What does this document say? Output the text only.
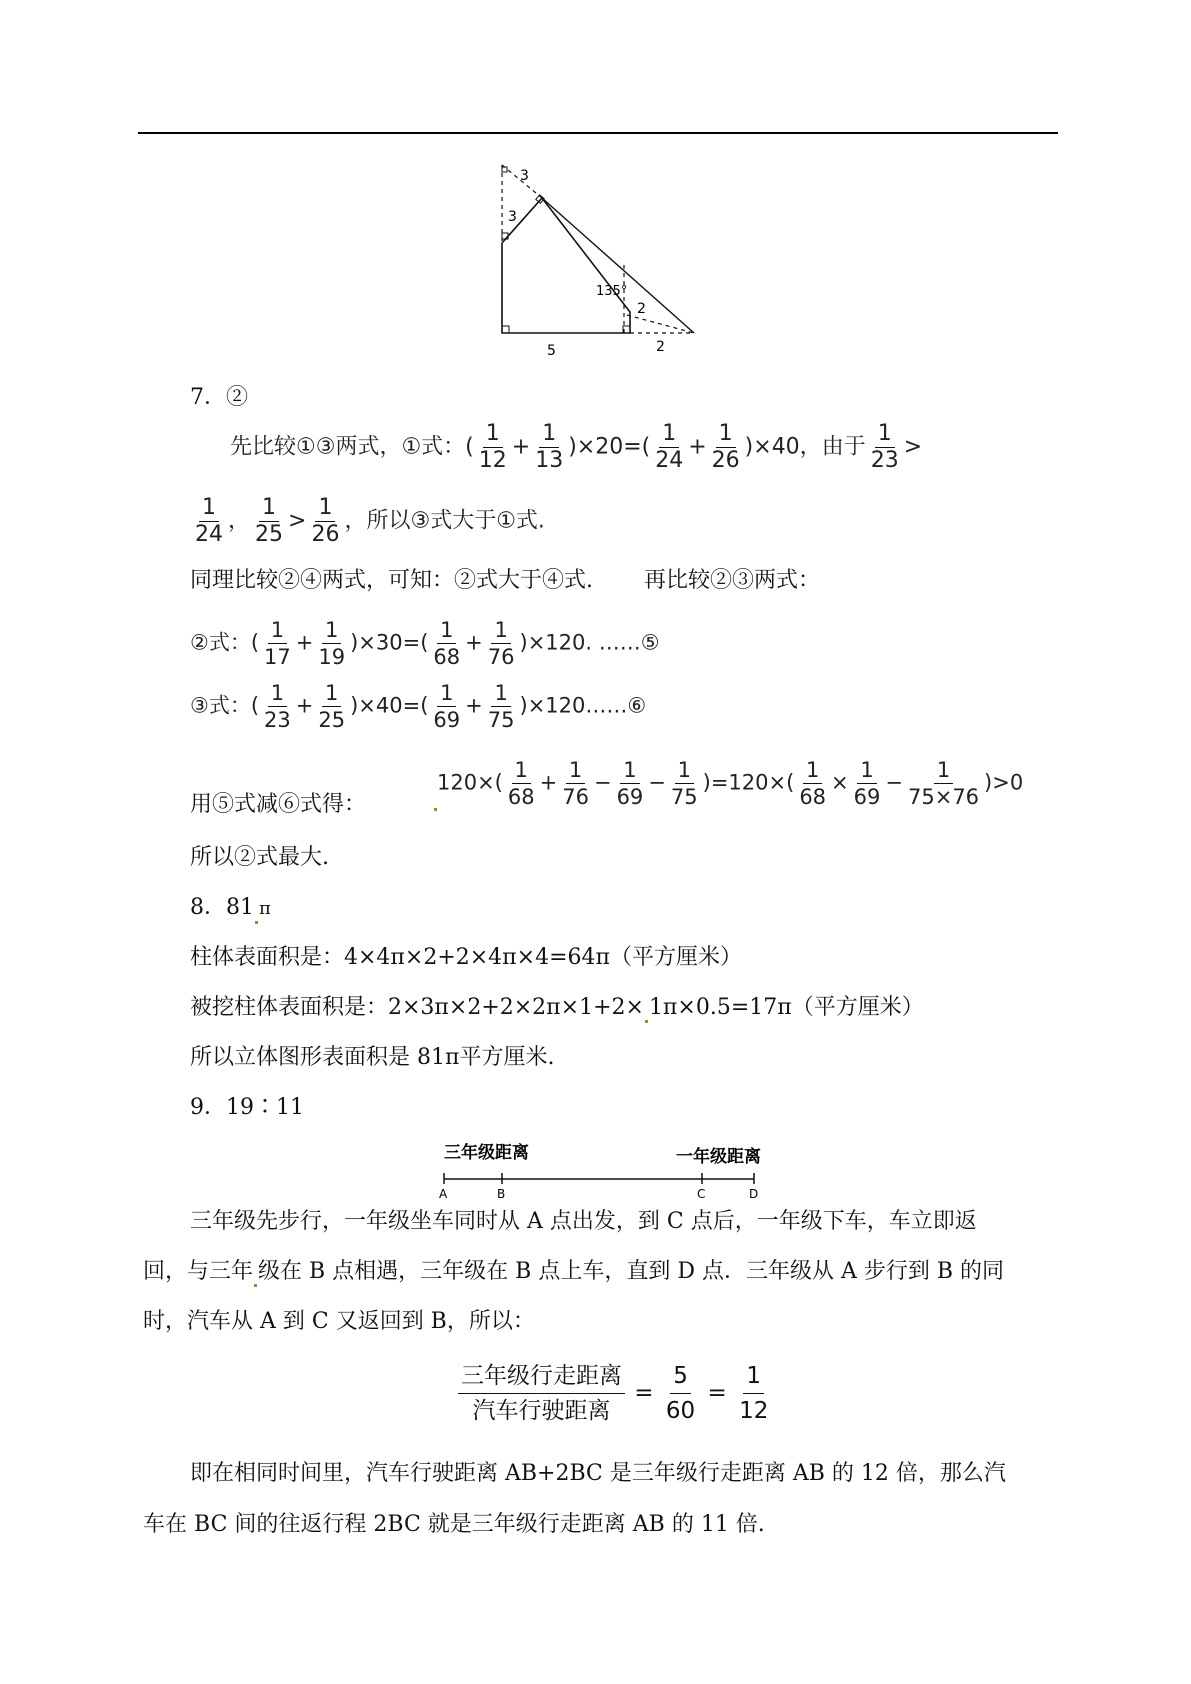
3
3
135°
2
5	2
7．②
先比较①③两式，①式：( $\frac{1}{12} + \frac{1}{13} )\times 20=( \frac{1}{24} + \frac{1}{26} )\times 40$，由于 $\frac{1}{23}$ >
$\frac{1}{24}$ ， $\frac{1}{25} > \frac{1}{26}$ ，所以③式大于①式.
同理比较②④两式，可知：②式大于④式.　　 再比较②③两式：
②式：( $\frac{1}{17} + \frac{1}{19} )\times 30=( \frac{1}{68} + \frac{1}{76} )\times 120$. ……⑤
③式：( $\frac{1}{23} + \frac{1}{25} )\times 40=( \frac{1}{69} + \frac{1}{75}$ )×120……⑥
用⑤式减⑥式得：
$120\times( \frac{1}{68} + \frac{1}{76} - \frac{1}{69} - \frac{1}{75} )=120\times( \frac{1}{68} \times \frac{1}{69} - \frac{1}{75\times 76} )>0$
所以②式最大.
8．81 π
柱体表面积是：4×4π×2+2×4π×4=64π（平方厘米）
被挖柱体表面积是：2×3π×2+2×2π×1+2× 1π×0.5=17π（平方厘米）
所以立体图形表面积是 81π平方厘米.
9．19∶11
三年级距离	一年级距离
A	B	C	D
三年级先步行，一年级坐车同时从 A 点出发，到 C 点后，一年级下车，车立即返
回，与三年 级在 B 点相遇，三年级在 B 点上车，直到 D 点．三年级从 A 步行到 B 的同
时，汽车从 A 到 C 又返回到 B，所以：
$\frac{\text{三年级行走距离}}{\text{汽车行驶距离}} = \frac{5}{60} = \frac{1}{12}$
即在相同时间里，汽车行驶距离 AB+2BC 是三年级行走距离 AB 的 12 倍，那么汽
车在 BC 间的往返行程 2BC 就是三年级行走距离 AB 的 11 倍.
